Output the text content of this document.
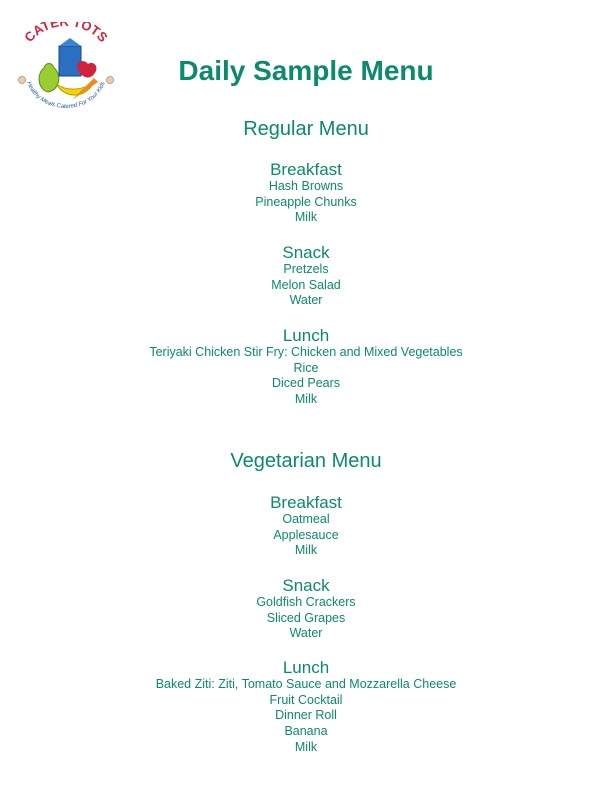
CATE TOTS
Healthy Meals Catered For Your Kids	Daily Sample Menu
Regular Menu
Breakfast
Hash Browns
Pineapple Chunks
Milk
Snack
Pretzels
Melon Salad
Water
Lunch
Teriyaki Chicken Stir Fry: Chicken and Mixed Vegetables
Rice
Diced Pears
Milk
Vegetarian Menu
Breakfast
Oatmeal
Applesauce
Milk
Snack
Goldfish Crackers
Sliced Grapes
Water
Lunch
Baked Ziti: Ziti, Tomato Sauce and Mozzarella Cheese
Fruit Cocktail
Dinner Roll
Banana
Milk
